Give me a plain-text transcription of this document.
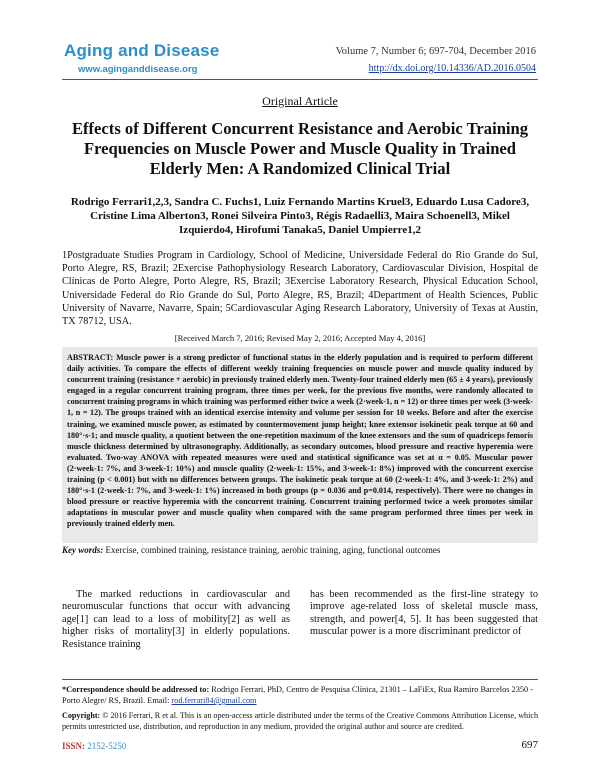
Aging and Disease
www.aginganddisease.org
Volume 7, Number 6; 697-704, December 2016
http://dx.doi.org/10.14336/AD.2016.0504
Original Article
Effects of Different Concurrent Resistance and Aerobic Training Frequencies on Muscle Power and Muscle Quality in Trained Elderly Men: A Randomized Clinical Trial
Rodrigo Ferrari1,2,3, Sandra C. Fuchs1, Luiz Fernando Martins Kruel3, Eduardo Lusa Cadore3, Cristine Lima Alberton3, Ronei Silveira Pinto3, Régis Radaelli3, Maira Schoenell3, Mikel Izquierdo4, Hirofumi Tanaka5, Daniel Umpierre1,2
1Postgraduate Studies Program in Cardiology, School of Medicine, Universidade Federal do Rio Grande do Sul, Porto Alegre, RS, Brazil; 2Exercise Pathophysiology Research Laboratory, Cardiovascular Division, Hospital de Clínicas de Porto Alegre, Porto Alegre, RS, Brazil; 3Exercise Laboratory Research, Physical Education School, Universidade Federal do Rio Grande do Sul, Porto Alegre, RS, Brazil; 4Department of Health Sciences, Public University of Navarre, Navarre, Spain; 5Cardiovascular Aging Research Laboratory, University of Texas at Austin, TX 78712, USA.
[Received March 7, 2016; Revised May 2, 2016; Accepted May 4, 2016]
ABSTRACT: Muscle power is a strong predictor of functional status in the elderly population and is required to perform different daily activities. To compare the effects of different weekly training frequencies on muscle power and muscle quality induced by concurrent training (resistance + aerobic) in previously trained elderly men. Twenty-four trained elderly men (65 ± 4 years), previously engaged in a regular concurrent training program, three times per week, for the previous five months, were randomly allocated to concurrent training programs in which training was performed either twice a week (2·week-1, n = 12) or three times per week (3·week-1, n = 12). The groups trained with an identical exercise intensity and volume per session for 10 weeks. Before and after the exercise training, we examined muscle power, as estimated by countermovement jump height; knee extensor isokinetic peak torque at 60 and 180°·s-1; and muscle quality, a quotient between the one-repetition maximum of the knee extensors and the sum of quadriceps femoris muscle thickness determined by ultrasonography. Additionally, as secondary outcomes, blood pressure and reactive hyperemia were evaluated. Two-way ANOVA with repeated measures were used and statistical significance was set at α = 0.05. Muscular power (2·week-1: 7%, and 3·week-1: 10%) and muscle quality (2·week-1: 15%, and 3·week-1: 8%) improved with the concurrent exercise training (p < 0.001) but with no differences between groups. The isokinetic peak torque at 60 (2·week-1: 4%, and 3·week-1: 2%) and 180°·s-1 (2·week-1: 7%, and 3·week-1: 1%) increased in both groups (p = 0.036 and p=0.014, respectively). There were no changes in blood pressure or reactive hyperemia with the concurrent training. Concurrent training performed twice a week promotes similar adaptations in muscular power and muscle quality when compared with the same program performed three times per week in previously trained elderly men.
Key words: Exercise, combined training, resistance training, aerobic training, aging, functional outcomes

The marked reductions in cardiovascular and neuromuscular functions that occur with advancing age[1] can lead to a loss of mobility[2] as well as higher risks of mortality[3] in elderly populations. Resistance training

has been recommended as the first-line strategy to improve age-related loss of skeletal muscle mass, strength, and power[4, 5]. It has been suggested that muscular power is a more discriminant predictor of

*Correspondence should be addressed to: Rodrigo Ferrari, PhD, Centro de Pesquisa Clínica, 21301 – LaFiEx, Rua Ramiro Barcelos 2350 - Porto Alegre/ RS, Brazil. Email: rod.ferrari84@gmail.com
Copyright: © 2016 Ferrari, R et al. This is an open-access article distributed under the terms of the Creative Commons Attribution License, which permits unrestricted use, distribution, and reproduction in any medium, provided the original author and source are credited.
ISSN: 2152-5250	697
